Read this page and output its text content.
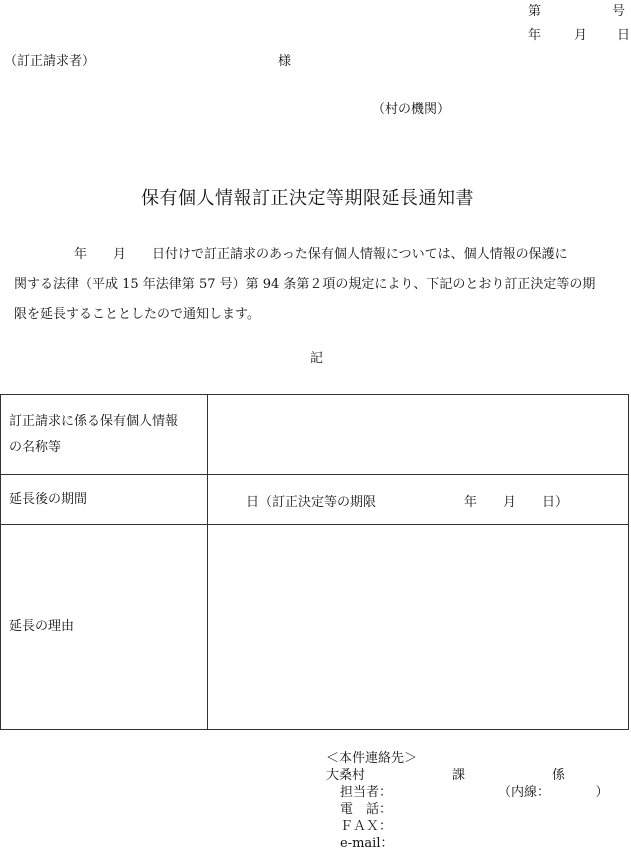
第	号
年	月 日
（訂正請求者）	様
（村の機関）
保有個人情報訂正決定等期限延長通知書
年　　月　　日付けで訂正請求のあった保有個人情報については、個人情報の保護に
関する法律（平成 15 年法律第 57 号）第 94 条第２項の規定により、下記のとおり訂正決定等の期
限を延長することとしたので通知します。
記
訂正請求に係る保有個人情報
の名称等	

延長後の期間	日（訂正決定等の期限 年　　月　　日）

延長の理由	
＜本件連絡先＞
大桑村	課	係
担当者：	（内線：　　　　）
電　話：
ＦＡＸ：
e-mail：
